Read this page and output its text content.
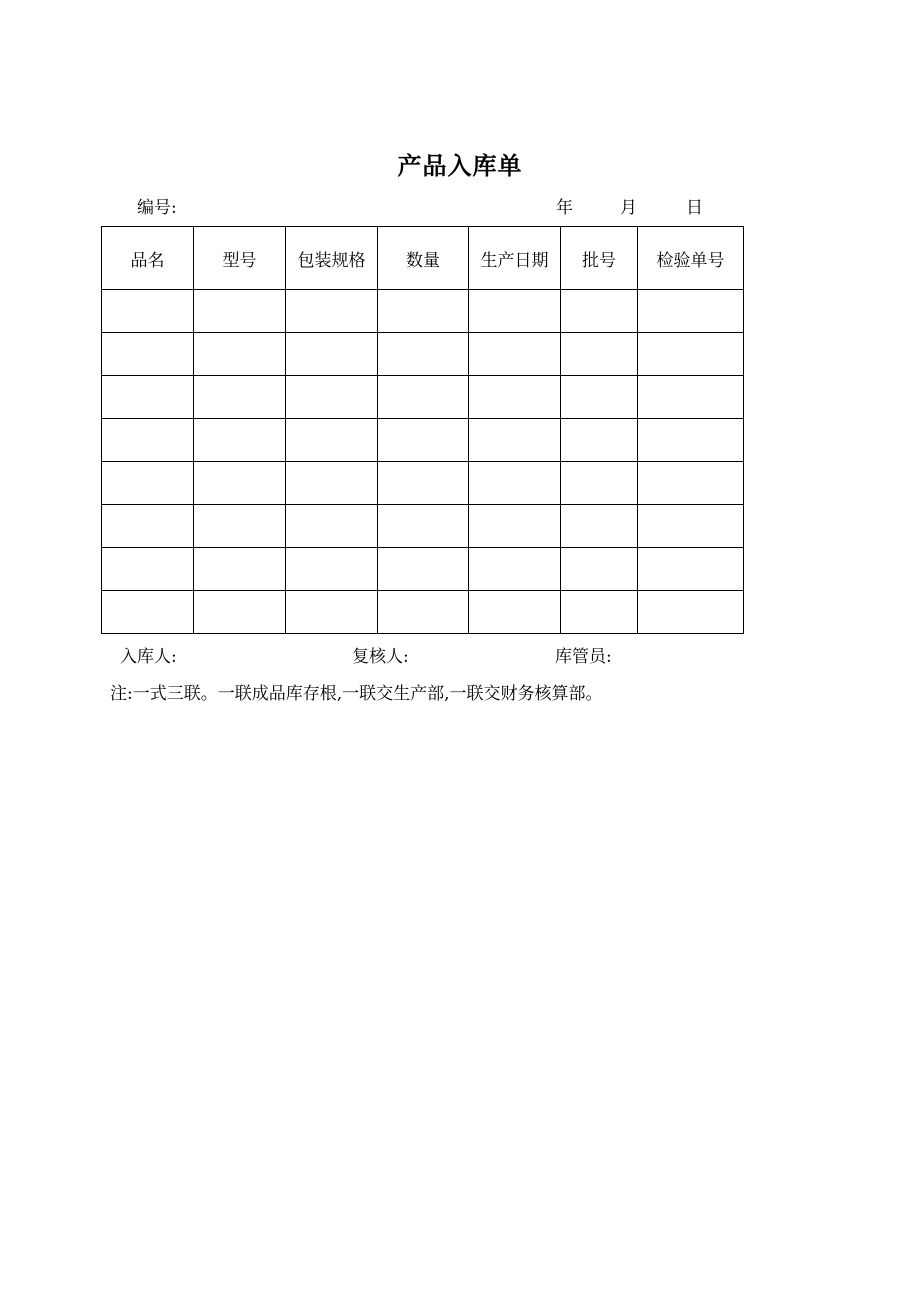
产品入库单
编号:	年	月	日
品名	型号	包装规格	数量	生产日期	批号	检验单号

入库人:	复核人:	库管员:
注:一式三联。一联成品库存根,一联交生产部,一联交财务核算部。
